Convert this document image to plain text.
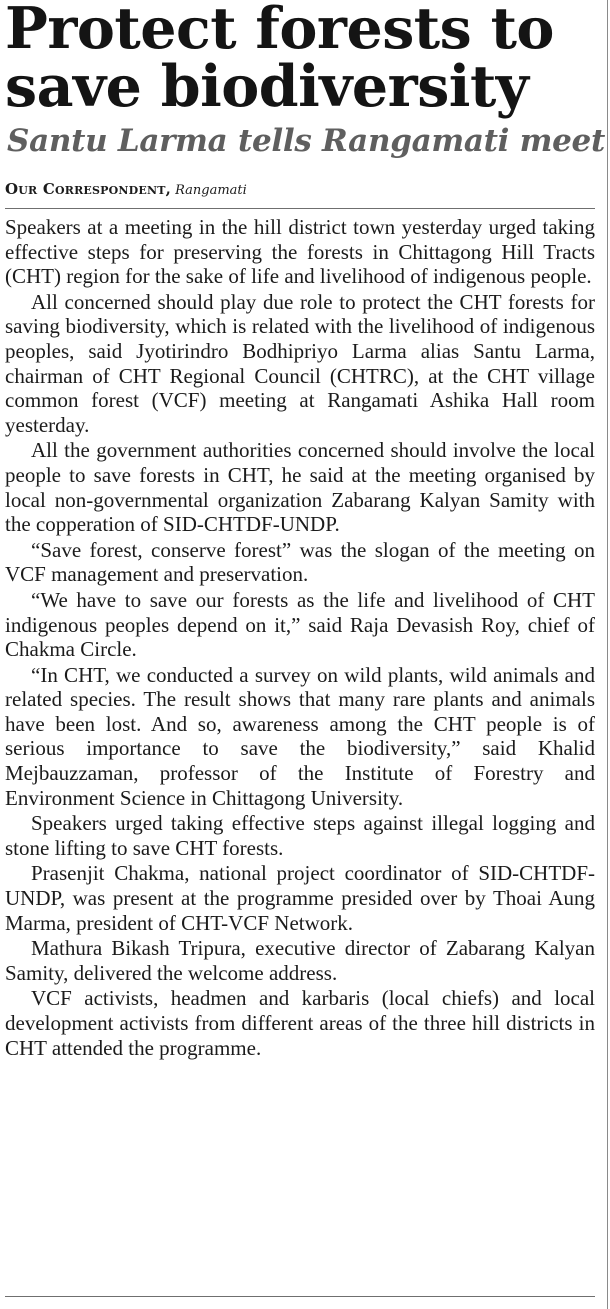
Protect forests to
save biodiversity
Santu Larma tells Rangamati meet
Our Correspondent, Rangamati

Speakers at a meeting in the hill district town yesterday urged taking effective steps for preserving the forests in Chittagong Hill Tracts (CHT) region for the sake of life and livelihood of indigenous people.

All concerned should play due role to protect the CHT forests for saving biodiversity, which is related with the livelihood of indigenous peoples, said Jyotirindro Bodhipriyo Larma alias Santu Larma, chairman of CHT Regional Council (CHTRC), at the CHT village common forest (VCF) meeting at Rangamati Ashika Hall room yesterday.

All the government authorities concerned should involve the local people to save forests in CHT, he said at the meeting organised by local non-governmental organization Zabarang Kalyan Samity with the copperation of SID-CHTDF-UNDP.

“Save forest, conserve forest” was the slogan of the meeting on VCF management and preservation.

“We have to save our forests as the life and livelihood of CHT indigenous peoples depend on it,” said Raja Devasish Roy, chief of Chakma Circle.

“In CHT, we conducted a survey on wild plants, wild animals and related species. The result shows that many rare plants and animals have been lost. And so, awareness among the CHT people is of serious importance to save the biodiversity,” said Khalid Mejbauzzaman, professor of the Institute of Forestry and Environment Science in Chittagong University.

Speakers urged taking effective steps against illegal logging and stone lifting to save CHT forests.

Prasenjit Chakma, national project coordinator of SID-CHTDF-UNDP, was present at the programme presided over by Thoai Aung Marma, president of CHT-VCF Network.

Mathura Bikash Tripura, executive director of Zabarang Kalyan Samity, delivered the welcome address.

VCF activists, headmen and karbaris (local chiefs) and local development activists from different areas of the three hill districts in CHT attended the programme.
